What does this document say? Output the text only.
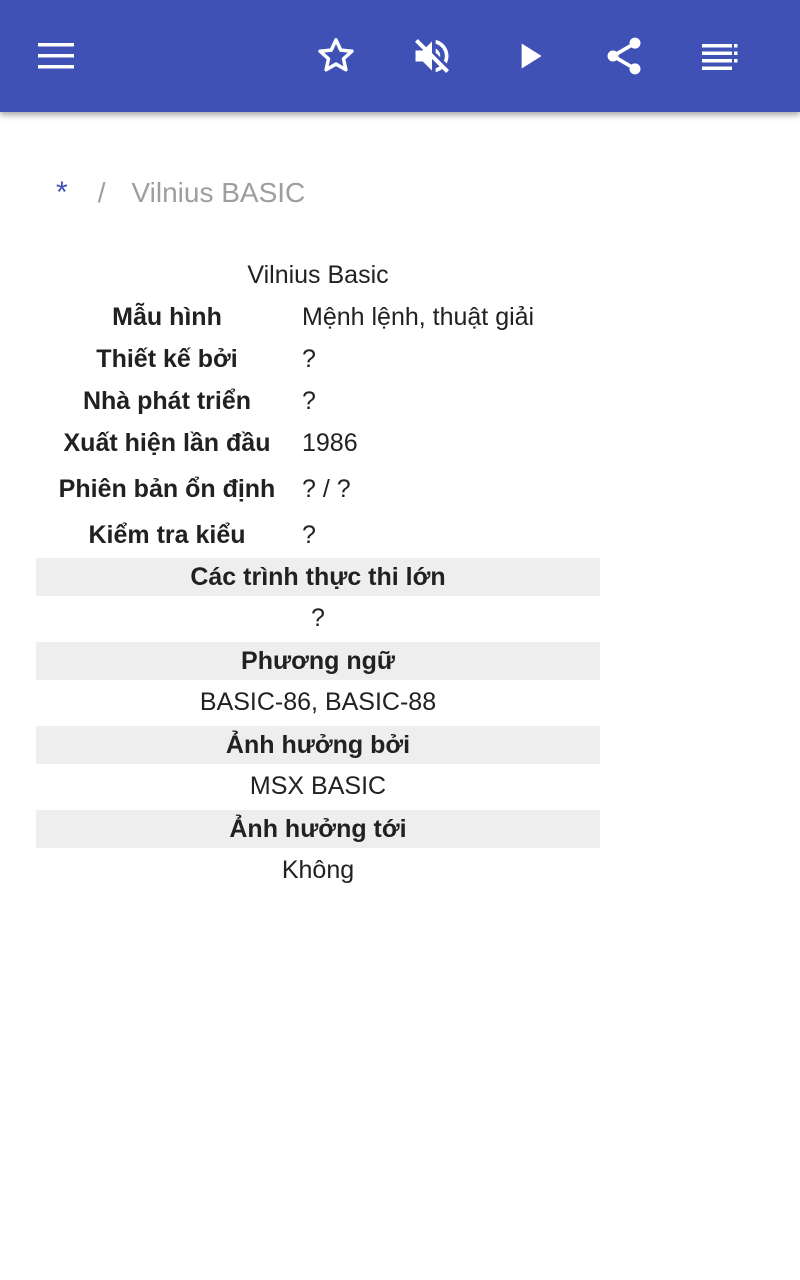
* / Vilnius BASIC
Vilnius Basic
Mẫu hình	Mệnh lệnh, thuật giải
Thiết kế bởi	?
Nhà phát triển	?
Xuất hiện lần đầu	1986
Phiên bản ổn định	? / ?
Kiểm tra kiểu	?
Các trình thực thi lớn
?
Phương ngữ
BASIC-86, BASIC-88
Ảnh hưởng bởi
MSX BASIC
Ảnh hưởng tới
Không
